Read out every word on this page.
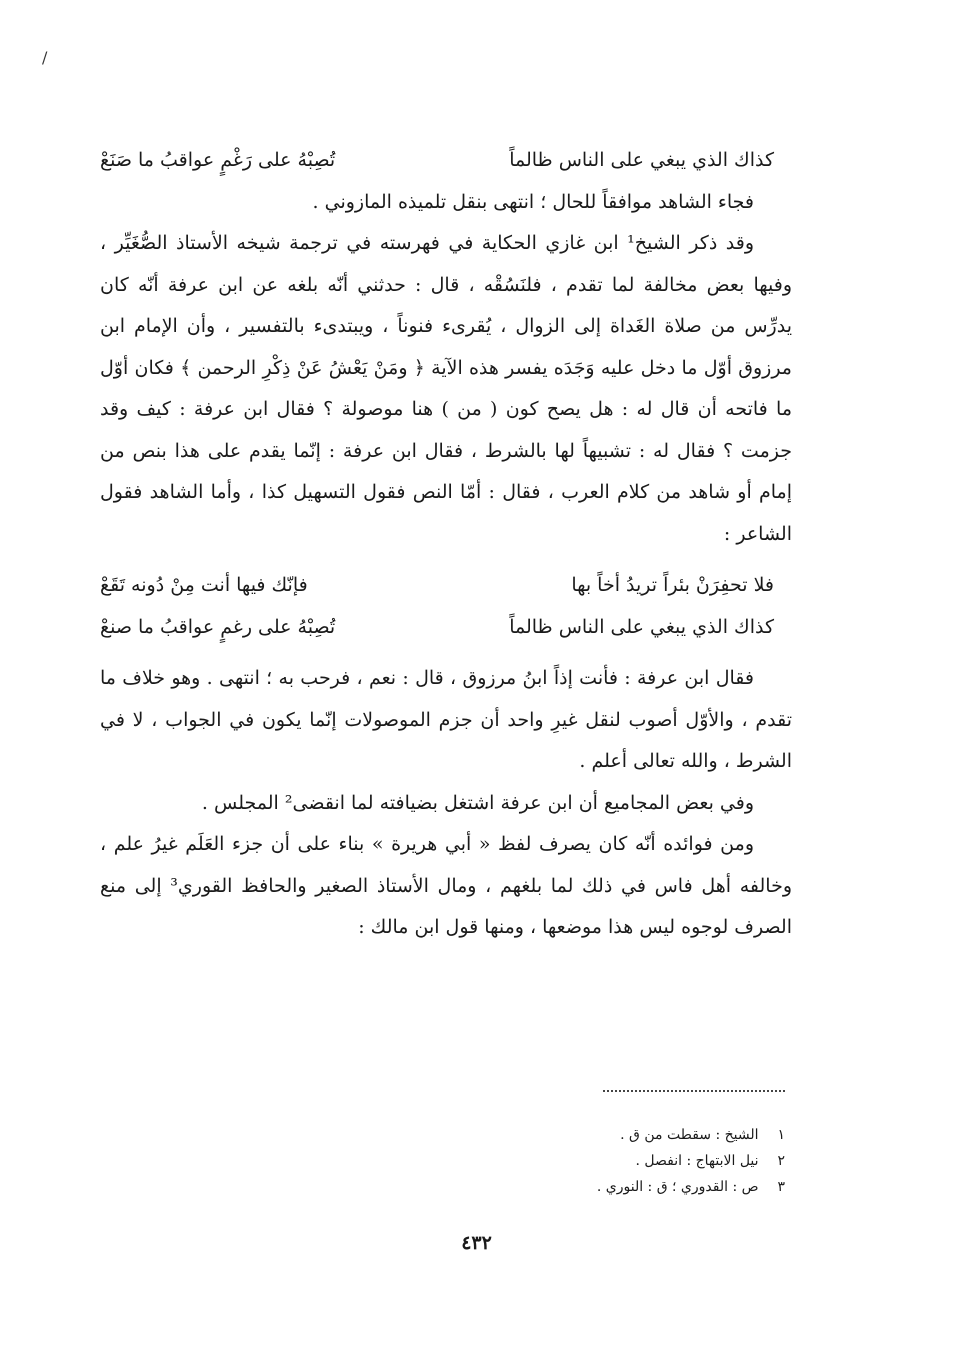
/
كذاك الذي يبغي على الناس ظالماً
تُصِبْهُ على رَغْمٍ عواقبُ ما صَنَعْ

فجاء الشاهد موافقاً للحال ؛ انتهى بنقل تلميذه المازوني .

وقد ذكر الشيخ¹ ابن غازي الحكاية في فهرسته في ترجمة شيخه الأستاذ الصُّغَيِّر ، وفيها بعض مخالفة لما تقدم ، فلنَسُقْه ، قال : حدثني أنّه بلغه عن ابن عرفة أنّه كان يدرِّس من صلاة الغَداة إلى الزوال ، يُقرىء فنوناً ، ويبتدىء بالتفسير ، وأن الإمام ابن مرزوق أوّل ما دخل عليه وَجَدَه يفسر هذه الآية ﴿ ومَنْ يَعْشُ عَنْ ذِكْرِ الرحمن ﴾ فكان أوّل ما فاتحه أن قال له : هل يصح كون ( من ) هنا موصولة ؟ فقال ابن عرفة : كيف وقد جزمت ؟ فقال له : تشبيهاً لها بالشرط ، فقال ابن عرفة : إنّما يقدم على هذا بنص من إمام أو شاهد من كلام العرب ، فقال : أمّا النص فقول التسهيل كذا ، وأما الشاهد فقول الشاعر :

فلا تحفِرَنْ بئراً تريدُ أخاً بها
فإنّك فيها أنت مِنْ دُونه تَقَعْ
كذاك الذي يبغي على الناس ظالماً
تُصِبْهُ على رغمٍ عواقبُ ما صنعْ

فقال ابن عرفة : فأنت إذاً ابنُ مرزوق ، قال : نعم ، فرحب به ؛ انتهى . وهو خلاف ما تقدم ، والأوّل أصوب لنقل غيرِ واحد أن جزم الموصولات إنّما يكون في الجواب ، لا في الشرط ، والله تعالى أعلم .

وفي بعض المجاميع أن ابن عرفة اشتغل بضيافته لما انقضى² المجلس .

ومن فوائده أنّه كان يصرف لفظ « أبي هريرة » بناء على أن جزء العَلَم غيرُ علم ، وخالفه أهل فاس في ذلك لما بلغهم ، ومال الأستاذ الصغير والحافظ القوري³ إلى منع الصرف لوجوه ليس هذا موضعها ، ومنها قول ابن مالك :

١ الشيخ : سقطت من ق .
٢ نيل الابتهاج : انفصل .
٣ ص : القدوري ؛ ق : النوري .
٤٣٢
